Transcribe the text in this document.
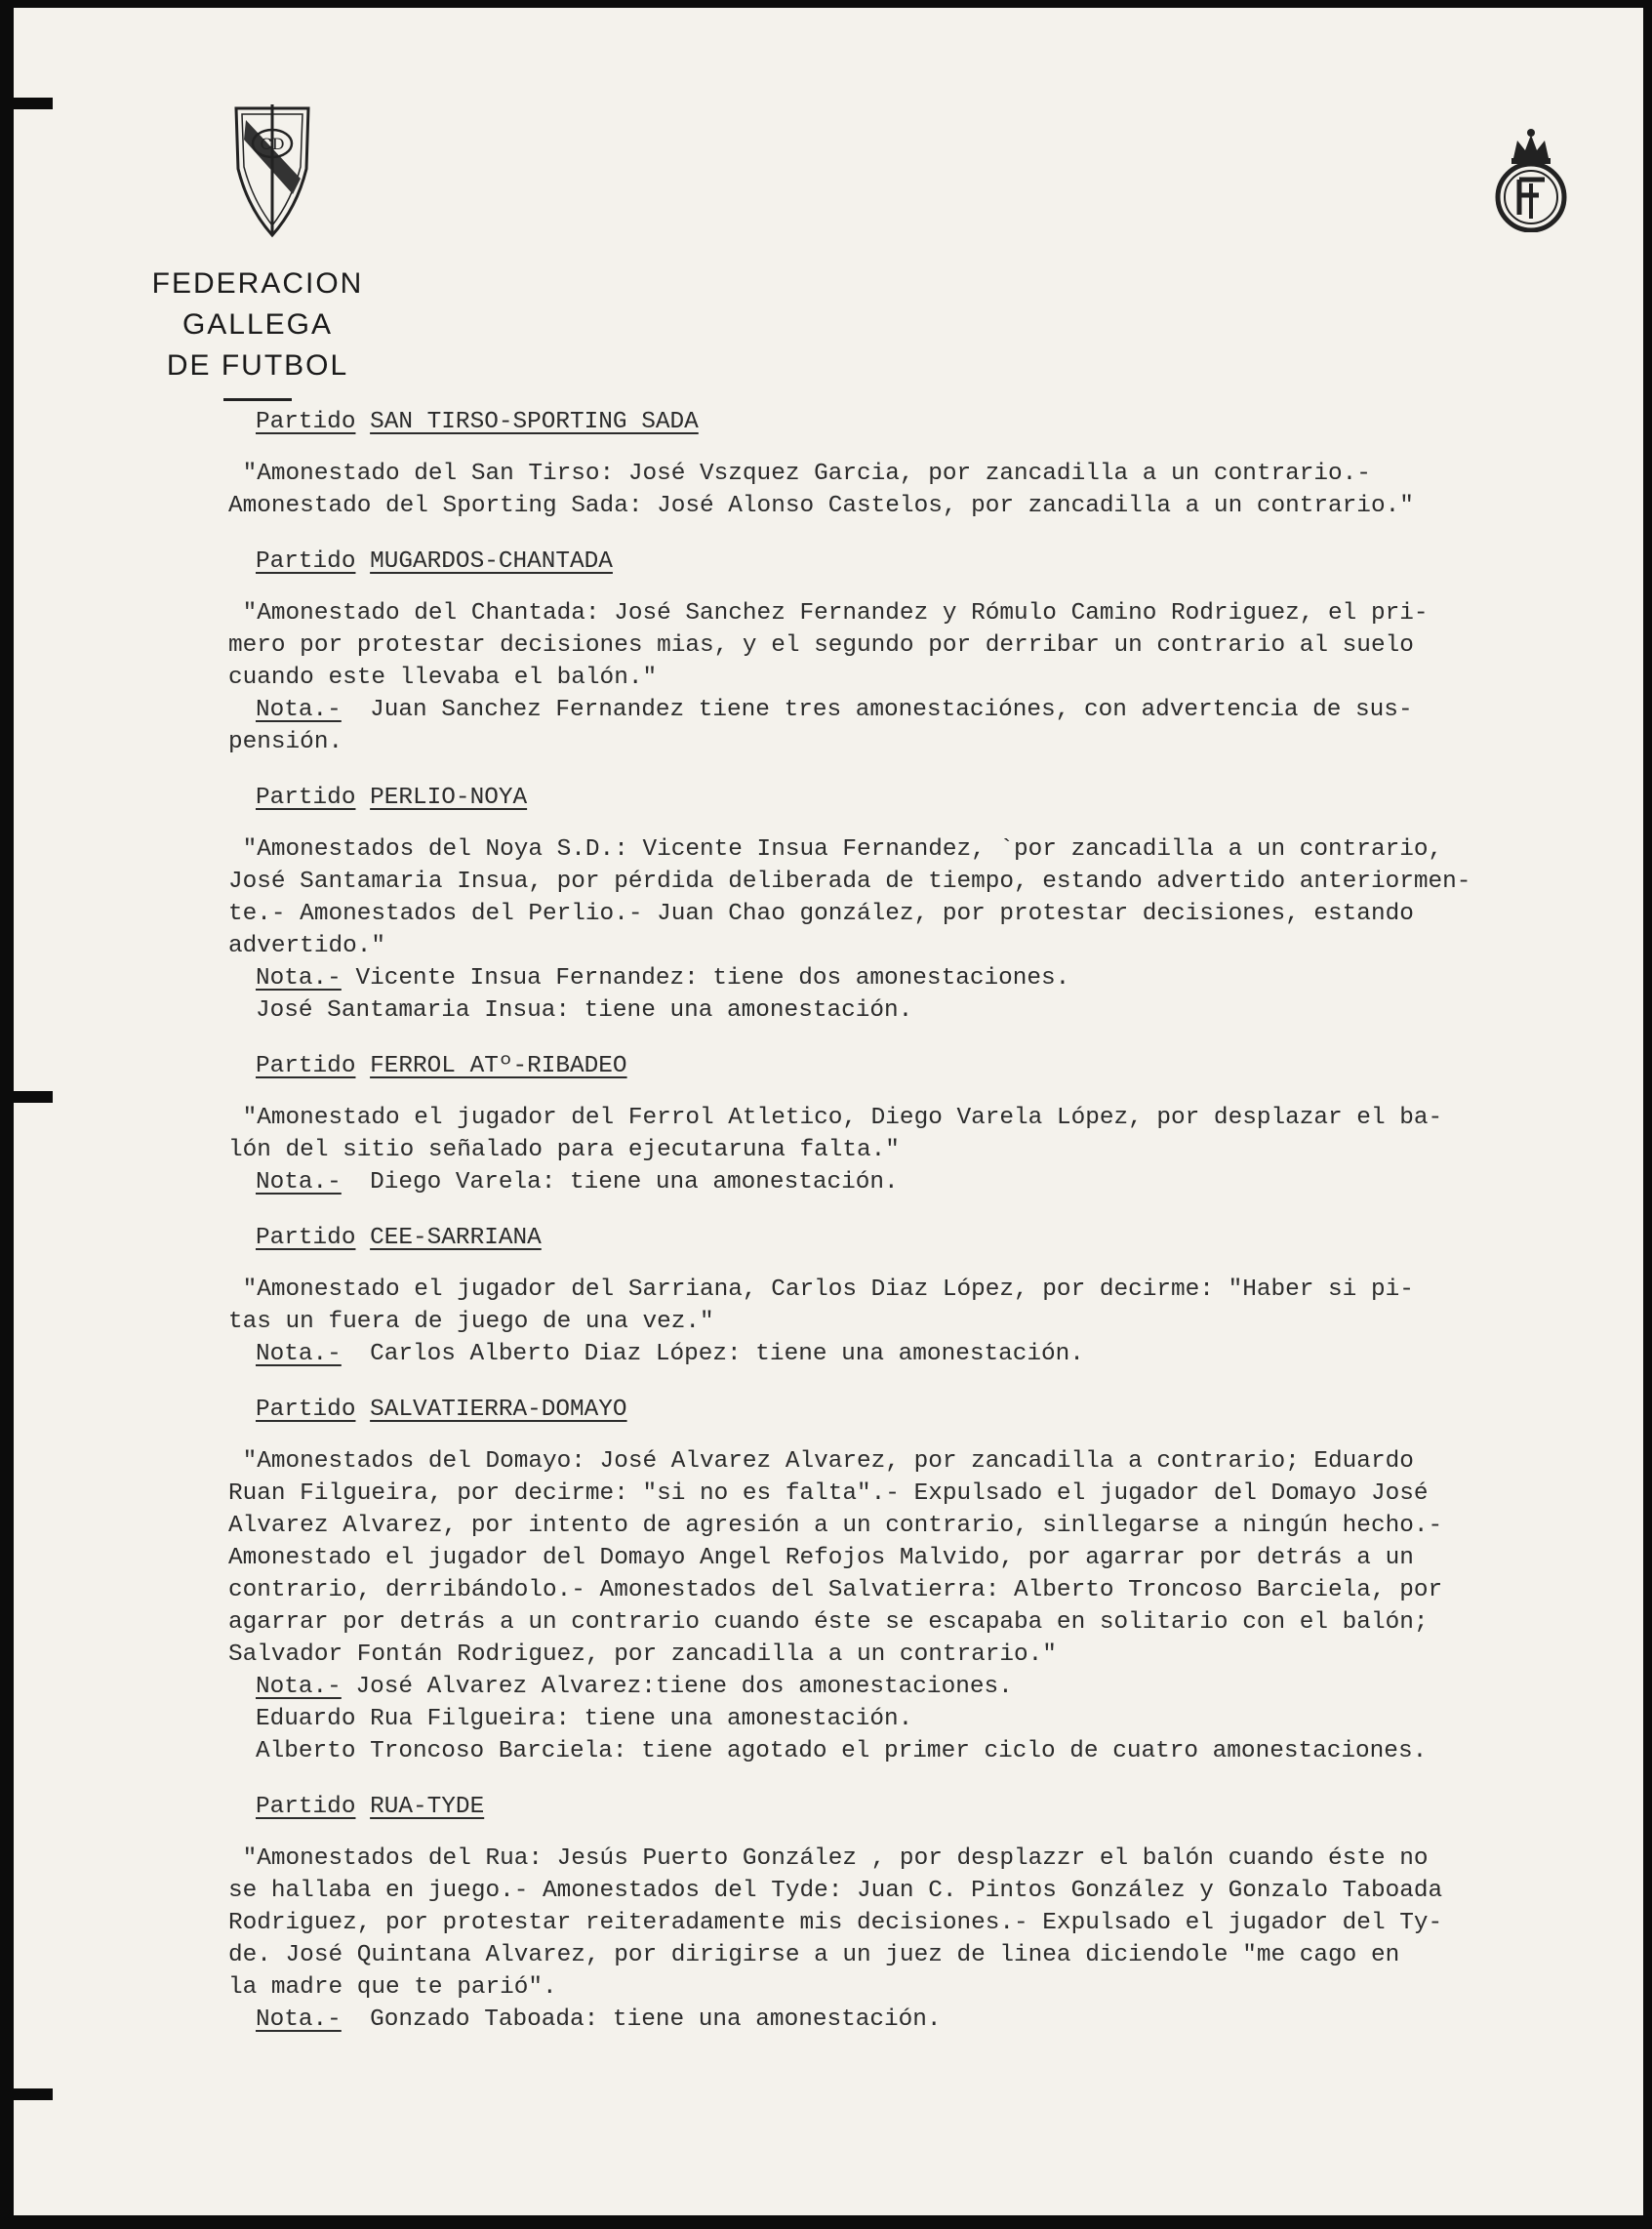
CD
FEDERACION GALLEGA
DE FUTBOL
Partido SAN TIRSO-SPORTING SADA
"Amonestado del San Tirso: José Vszquez Garcia, por zancadilla a un contrario.-
Amonestado del Sporting Sada: José Alonso Castelos, por zancadilla a un contrario."
Partido MUGARDOS-CHANTADA
"Amonestado del Chantada: José Sanchez Fernandez y Rómulo Camino Rodriguez, el pri-
mero por protestar decisiones mias, y el segundo por derribar un contrario al suelo
cuando este llevaba el balón."
Nota.-  Juan Sanchez Fernandez tiene tres amonestaciónes, con advertencia de sus-
pensión.
Partido PERLIO-NOYA
"Amonestados del Noya S.D.: Vicente Insua Fernandez, `por zancadilla a un contrario,
José Santamaria Insua, por pérdida deliberada de tiempo, estando advertido anteriormen-
te.- Amonestados del Perlio.- Juan Chao gonzález, por protestar decisiones, estando
advertido."
Nota.- Vicente Insua Fernandez: tiene dos amonestaciones.
José Santamaria Insua: tiene una amonestación.
Partido FERROL ATº-RIBADEO
"Amonestado el jugador del Ferrol Atletico, Diego Varela López, por desplazar el ba-
lón del sitio señalado para ejecutaruna falta."
Nota.-  Diego Varela: tiene una amonestación.
Partido CEE-SARRIANA
"Amonestado el jugador del Sarriana, Carlos Diaz López, por decirme: "Haber si pi-
tas un fuera de juego de una vez."
Nota.-  Carlos Alberto Diaz López: tiene una amonestación.
Partido SALVATIERRA-DOMAYO
"Amonestados del Domayo: José Alvarez Alvarez, por zancadilla a contrario; Eduardo
Ruan Filgueira, por decirme: "si no es falta".- Expulsado el jugador del Domayo José
Alvarez Alvarez, por intento de agresión a un contrario, sinllegarse a ningún hecho.-
Amonestado el jugador del Domayo Angel Refojos Malvido, por agarrar por detrás a un
contrario, derribándolo.- Amonestados del Salvatierra: Alberto Troncoso Barciela, por
agarrar por detrás a un contrario cuando éste se escapaba en solitario con el balón;
Salvador Fontán Rodriguez, por zancadilla a un contrario."
Nota.- José Alvarez Alvarez:tiene dos amonestaciones.
Eduardo Rua Filgueira: tiene una amonestación.
Alberto Troncoso Barciela: tiene agotado el primer ciclo de cuatro amonestaciones.
Partido RUA-TYDE
"Amonestados del Rua: Jesús Puerto González , por desplazzr el balón cuando éste no
se hallaba en juego.- Amonestados del Tyde: Juan C. Pintos González y Gonzalo Taboada
Rodriguez, por protestar reiteradamente mis decisiones.- Expulsado el jugador del Ty-
de. José Quintana Alvarez, por dirigirse a un juez de linea diciendole "me cago en
la madre que te parió".
Nota.-  Gonzado Taboada: tiene una amonestación.
